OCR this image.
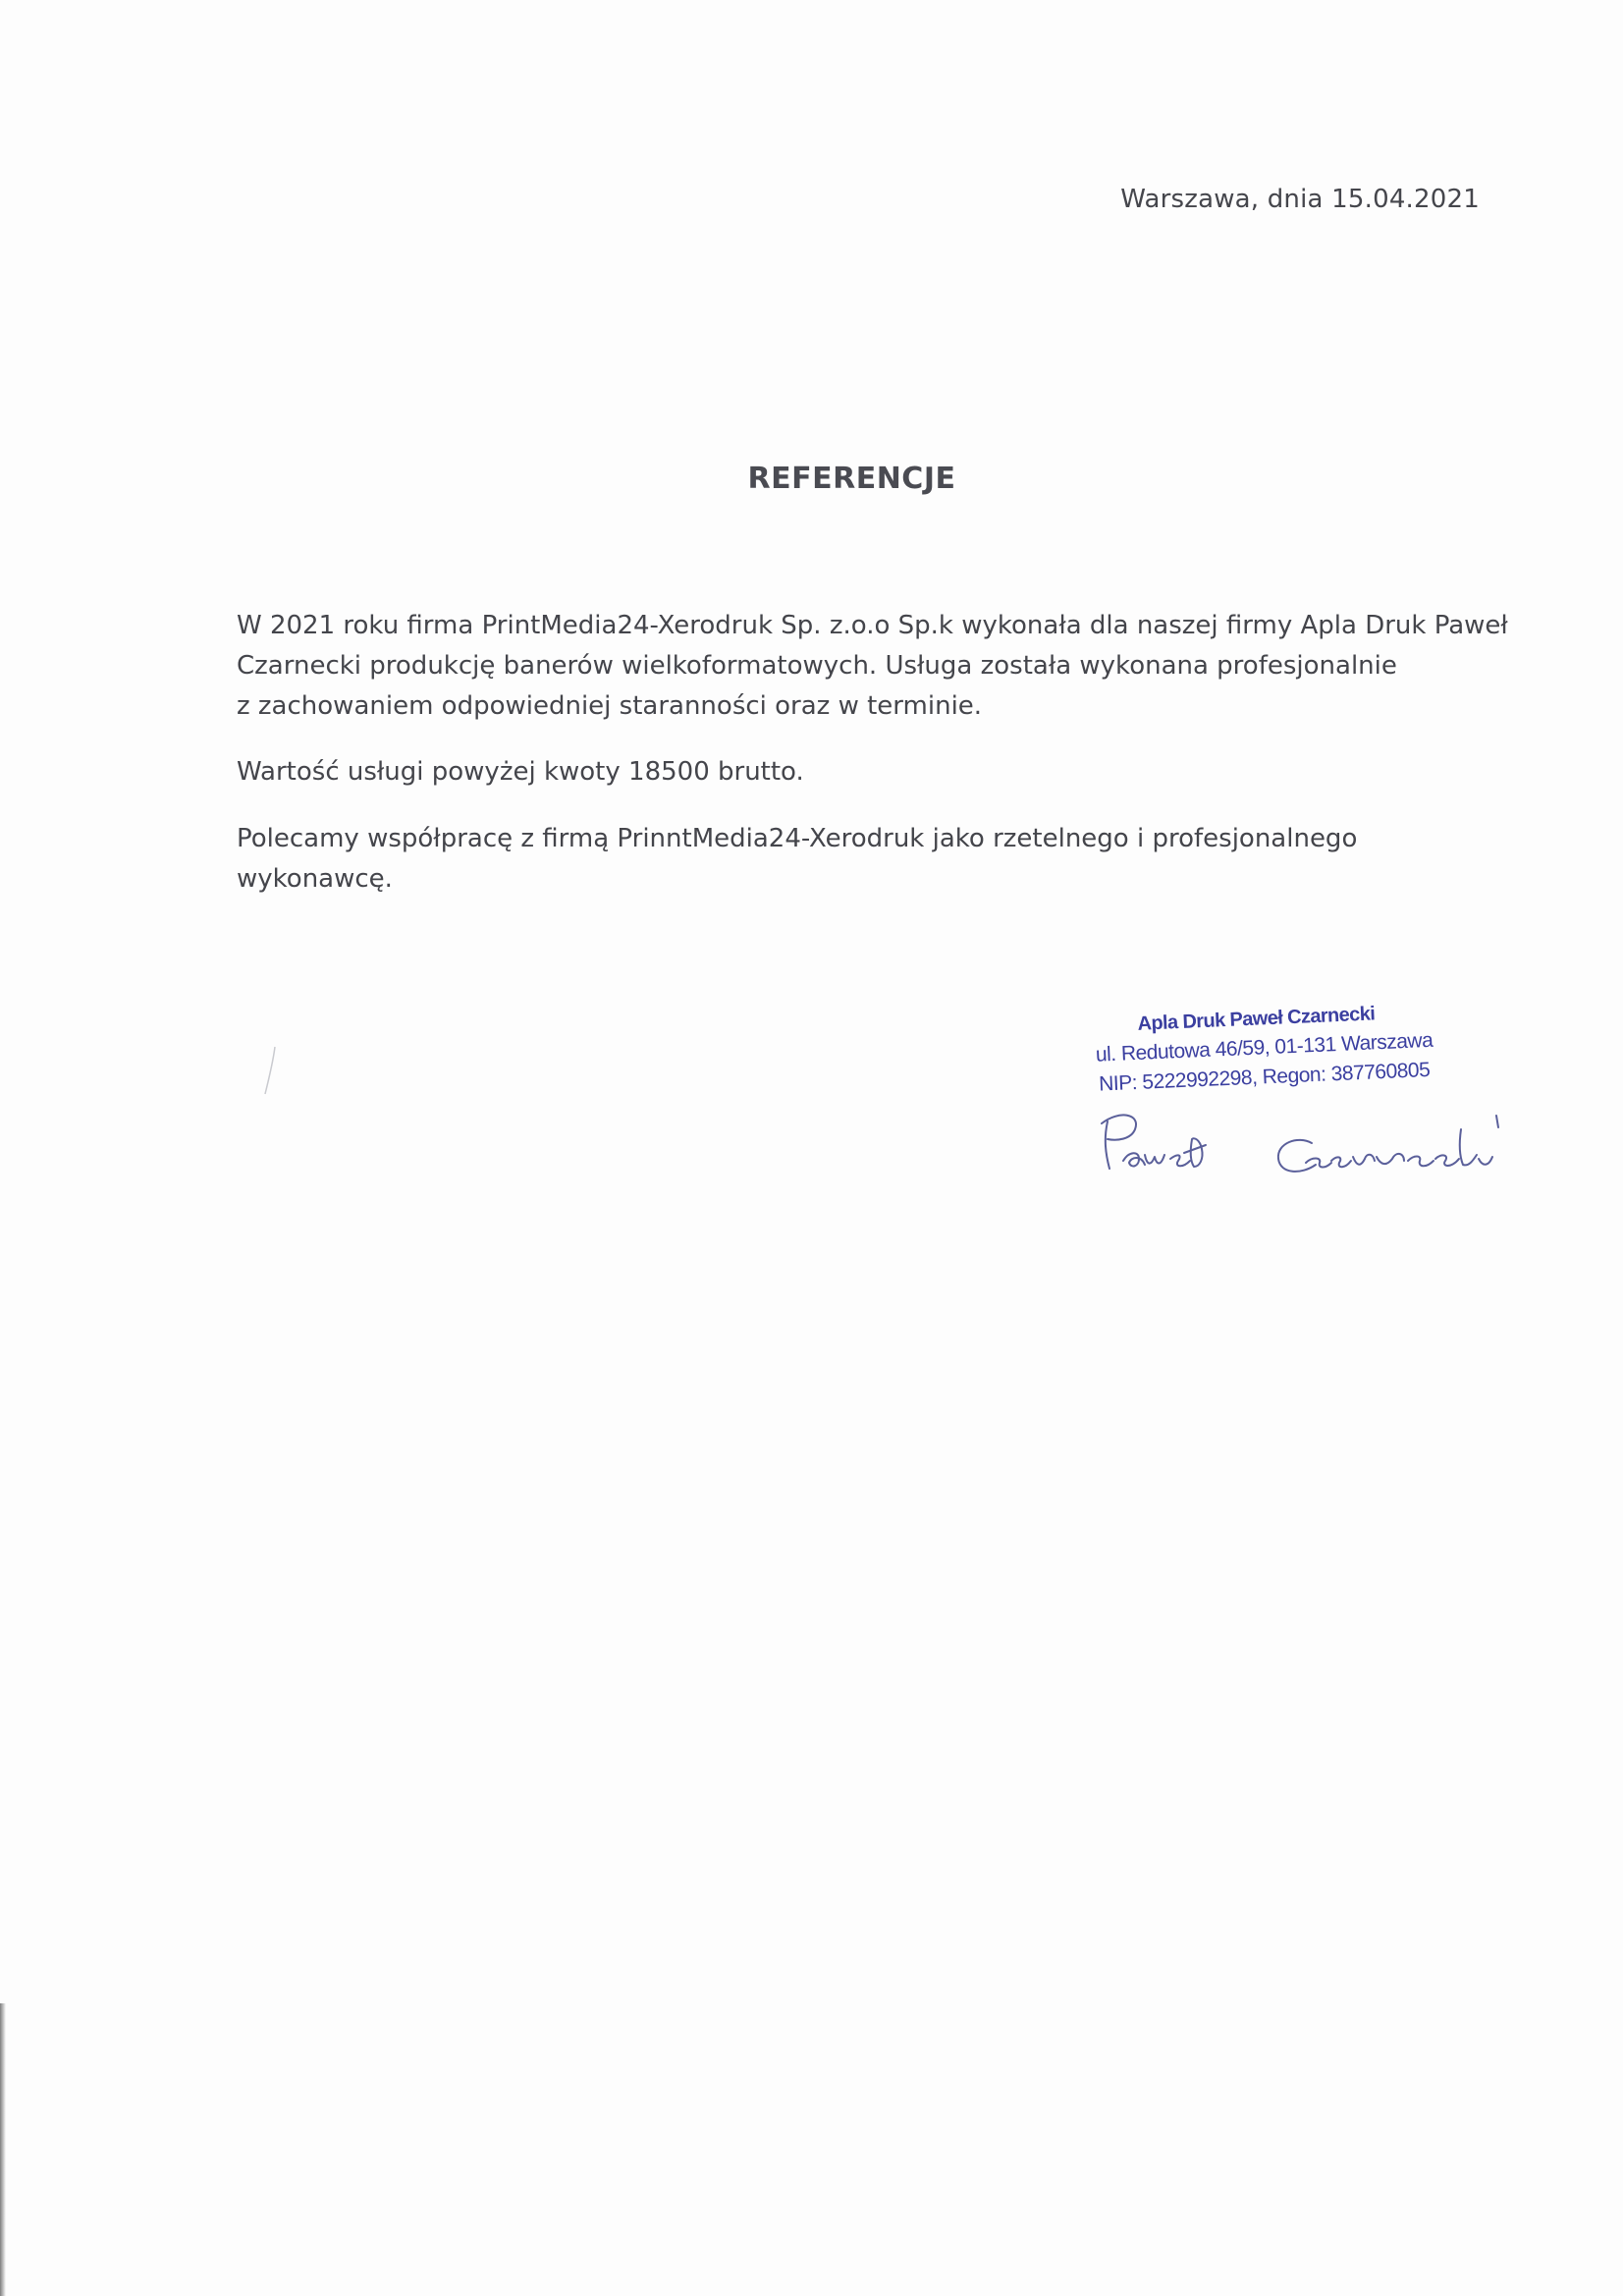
Warszawa, dnia 15.04.2021
REFERENCJE

W 2021 roku firma PrintMedia24-Xerodruk Sp. z.o.o Sp.k wykonała dla naszej firmy Apla Druk Paweł
Czarnecki produkcję banerów wielkoformatowych. Usługa została wykonana profesjonalnie
z zachowaniem odpowiedniej staranności oraz w terminie.

Wartość usługi powyżej kwoty 18500 brutto.

Polecamy współpracę z firmą PrinntMedia24-Xerodruk jako rzetelnego i profesjonalnego
wykonawcę.

Apla Druk Paweł Czarnecki
ul. Redutowa 46/59, 01-131 Warszawa
NIP: 5222992298, Regon: 387760805
